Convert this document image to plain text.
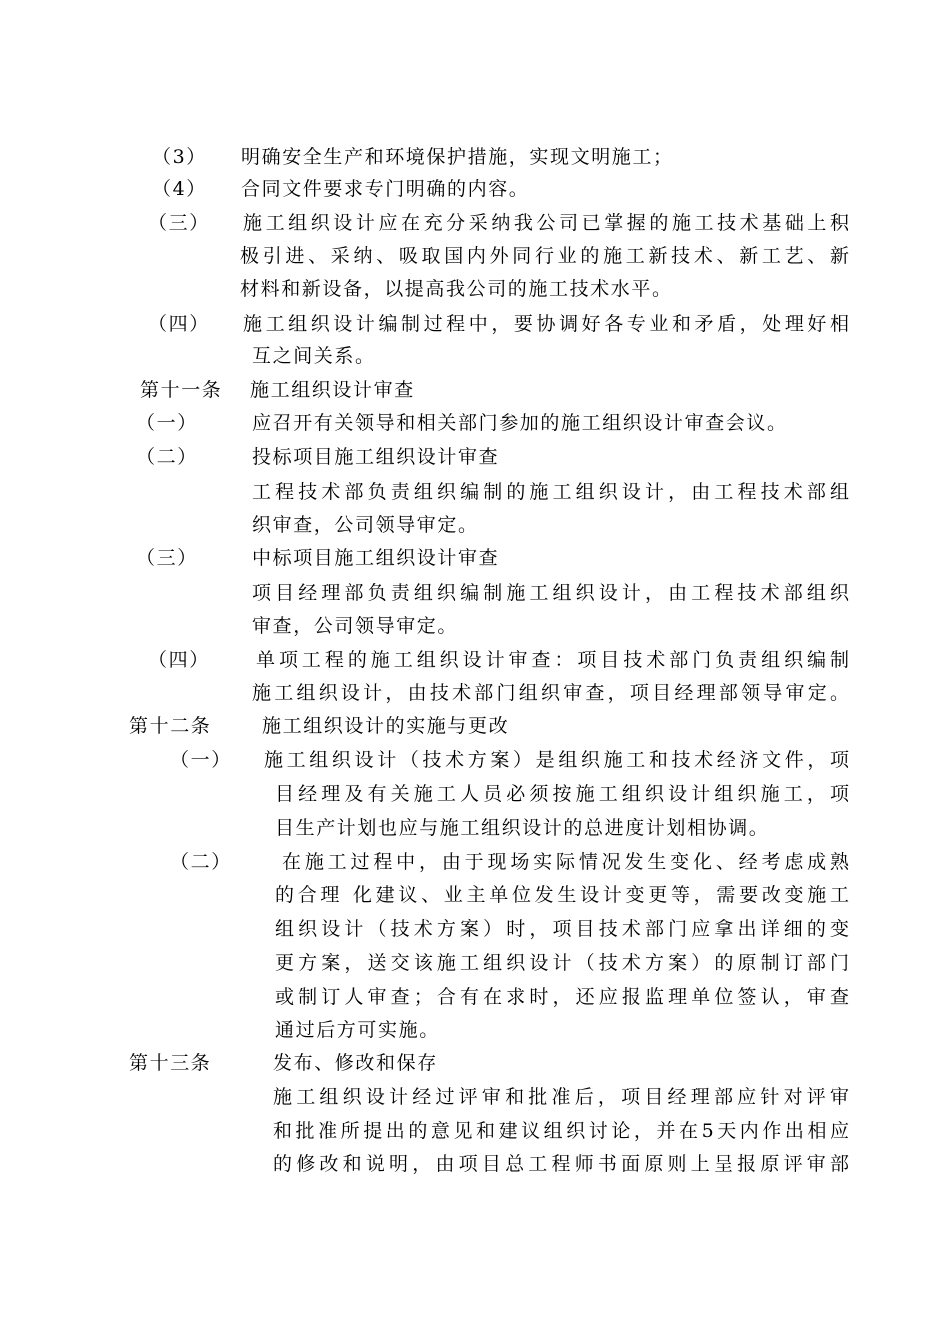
（3） 明确安全生产和环境保护措施，实现文明施工；
（4） 合同文件要求专门明确的内容。
（三） 施工组织设计应在充分采纳我公司已掌握的施工技术基础上积
极引进、采纳、吸取国内外同行业的施工新技术、新工艺、新
材料和新设备，以提高我公司的施工技术水平。
（四） 施工组织设计编制过程中，要协调好各专业和矛盾，处理好相
互之间关系。
第十一条 施工组织设计审查
（一）	应召开有关领导和相关部门参加的施工组织设计审查会议。
（二）	投标项目施工组织设计审查
工程技术部负责组织编制的施工组织设计，由工程技术部组
织审查，公司领导审定。
（三）	中标项目施工组织设计审查
项目经理部负责组织编制施工组织设计，由工程技术部组织
审查，公司领导审定。
（四） 单项工程的施工组织设计审查：项目技术部门负责组织编制
施工组织设计，由技术部门组织审查，项目经理部领导审定。
第十二条	施工组织设计的实施与更改
（一） 施工组织设计（技术方案）是组织施工和技术经济文件，项
目经理及有关施工人员必须按施工组织设计组织施工，项
目生产计划也应与施工组织设计的总进度计划相协调。
（二）	在施工过程中，由于现场实际情况发生变化、经考虑成熟
的合理 化建议、业主单位发生设计变更等，需要改变施工
组织设计（技术方案）时，项目技术部门应拿出详细的变
更方案，送交该施工组织设计（技术方案）的原制订部门
或制订人审查；合有在求时，还应报监理单位签认，审查
通过后方可实施。
第十三条	发布、修改和保存
施工组织设计经过评审和批准后，项目经理部应针对评审
和批准所提出的意见和建议组织讨论，并在5天内作出相应
的修改和说明，由项目总工程师书面原则上呈报原评审部
